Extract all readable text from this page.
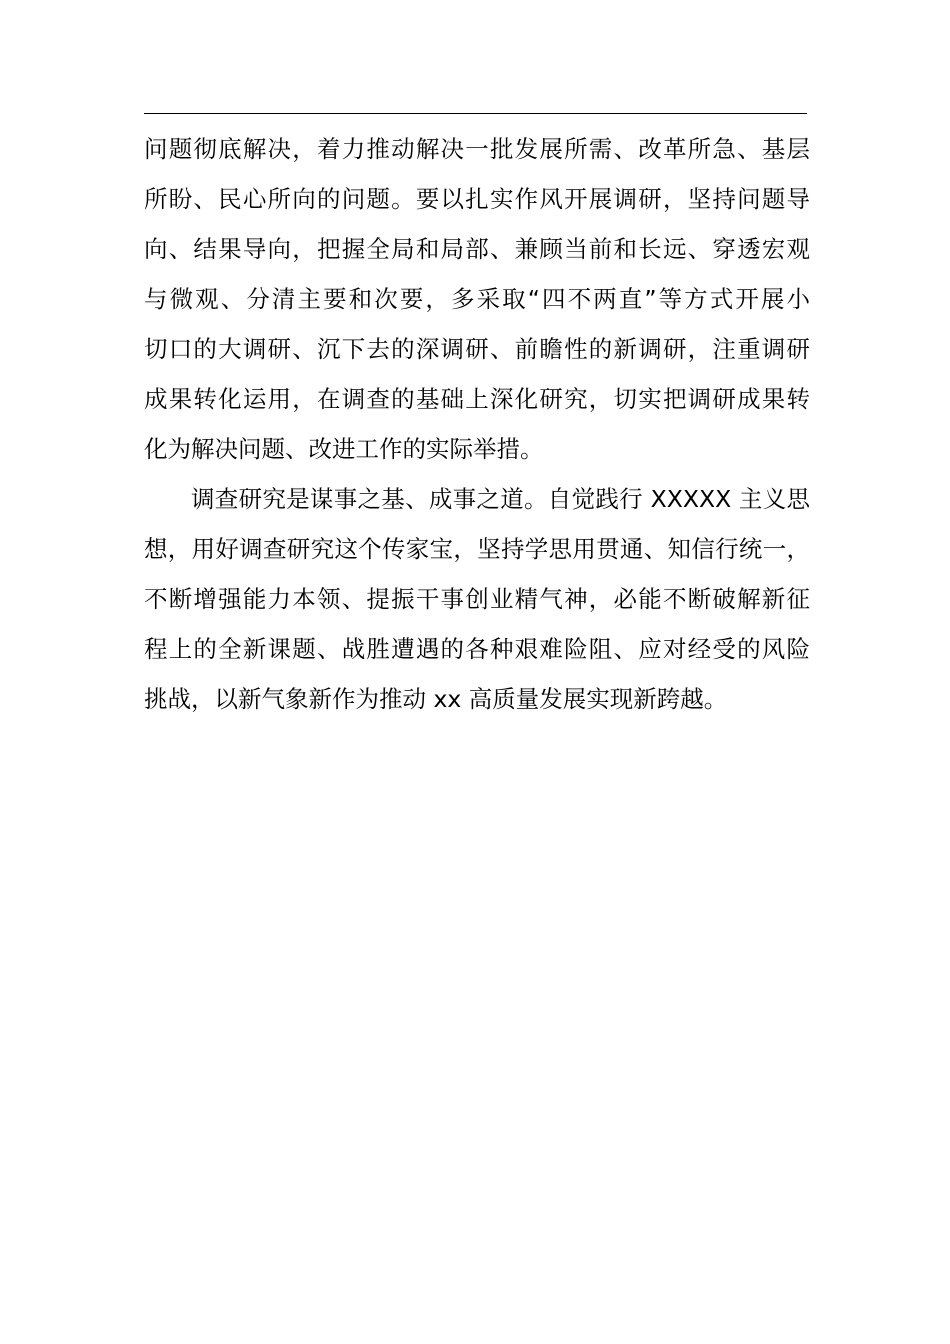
问题彻底解决，着力推动解决一批发展所需、改革所急、基层
所盼、民心所向的问题。要以扎实作风开展调研，坚持问题导
向、结果导向，把握全局和局部、兼顾当前和长远、穿透宏观
与微观、分清主要和次要，多采取“四不两直”等方式开展小
切口的大调研、沉下去的深调研、前瞻性的新调研，注重调研
成果转化运用，在调查的基础上深化研究，切实把调研成果转
化为解决问题、改进工作的实际举措。
调查研究是谋事之基、成事之道。自觉践行 XXXXX 主义思
想，用好调查研究这个传家宝，坚持学思用贯通、知信行统一，
不断增强能力本领、提振干事创业精气神，必能不断破解新征
程上的全新课题、战胜遭遇的各种艰难险阻、应对经受的风险
挑战，以新气象新作为推动 xx 高质量发展实现新跨越。
